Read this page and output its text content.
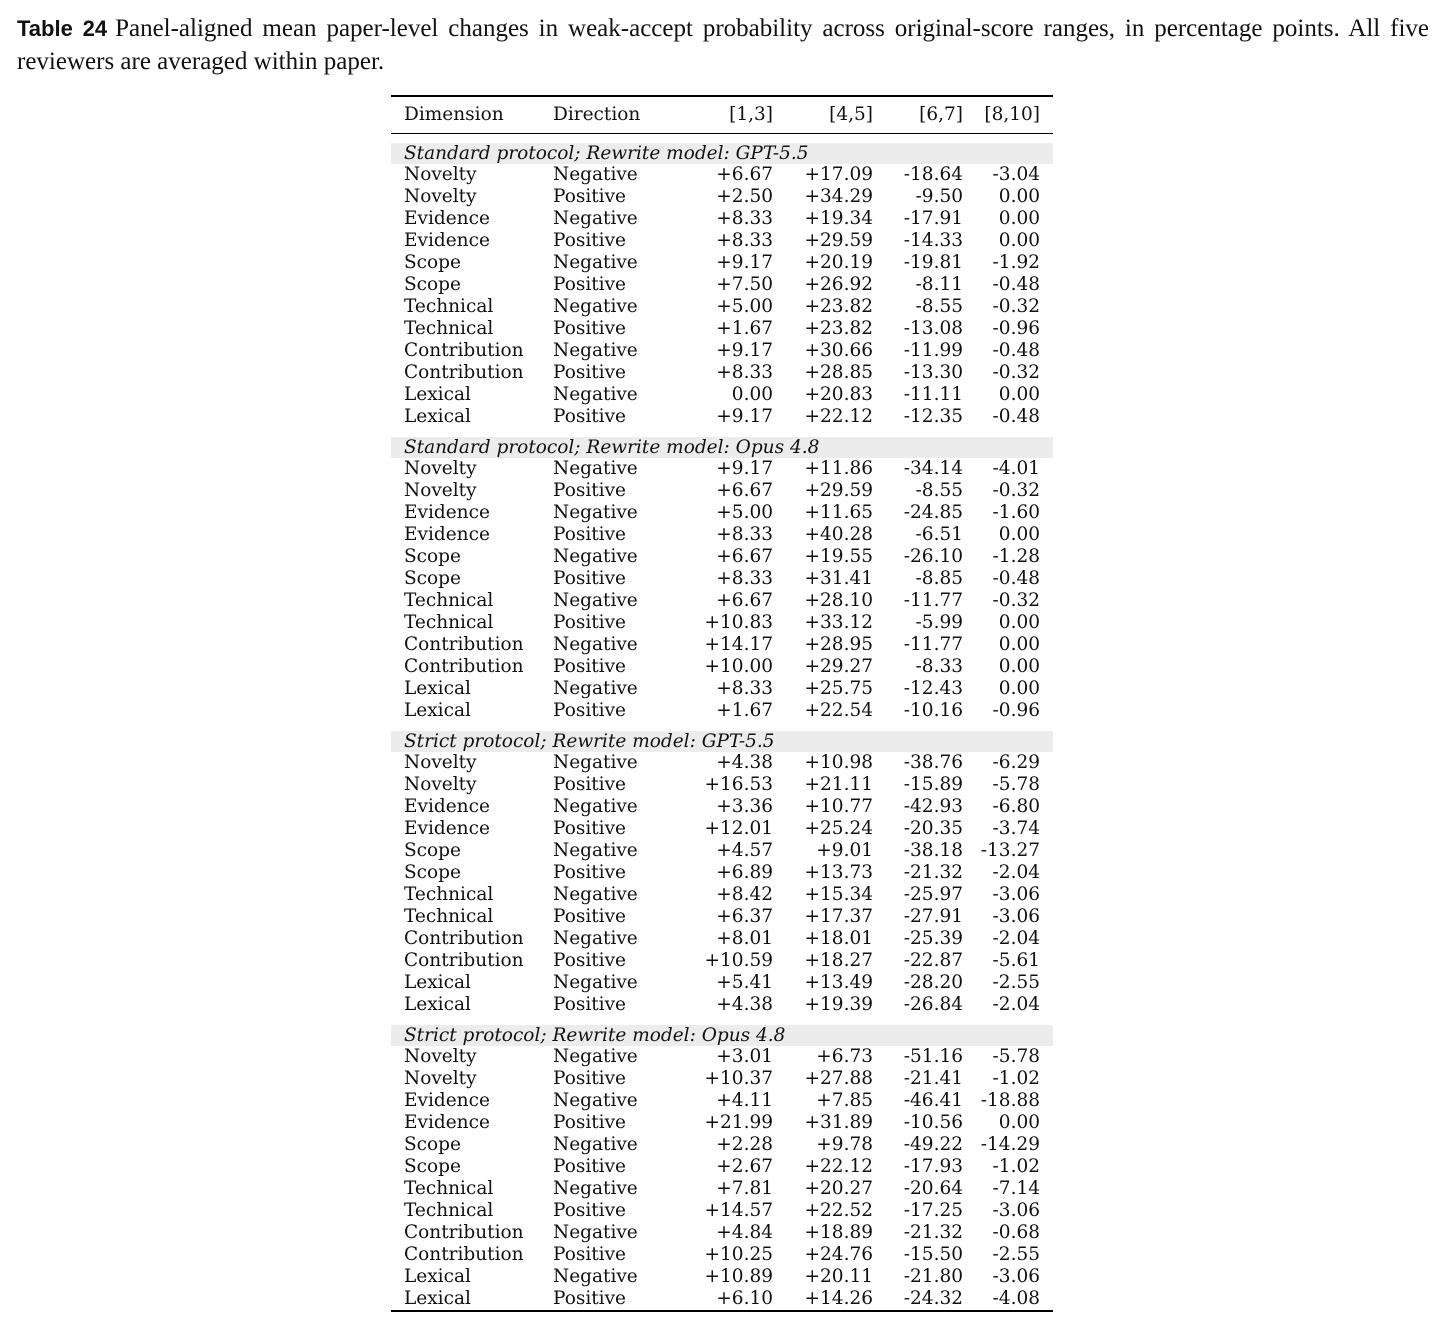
Table 24 Panel-aligned mean paper-level changes in weak-accept probability across original-score ranges, in percentage points. All five reviewers are averaged within paper.
Dimension	Direction	[1,3]	[4,5]	[6,7]	[8,10]

Standard protocol; Rewrite model: GPT-5.5					
Novelty	Negative	+6.67	+17.09	-18.64	-3.04
Novelty	Positive	+2.50	+34.29	-9.50	0.00
Evidence	Negative	+8.33	+19.34	-17.91	0.00
Evidence	Positive	+8.33	+29.59	-14.33	0.00
Scope	Negative	+9.17	+20.19	-19.81	-1.92
Scope	Positive	+7.50	+26.92	-8.11	-0.48
Technical	Negative	+5.00	+23.82	-8.55	-0.32
Technical	Positive	+1.67	+23.82	-13.08	-0.96
Contribution	Negative	+9.17	+30.66	-11.99	-0.48
Contribution	Positive	+8.33	+28.85	-13.30	-0.32
Lexical	Negative	0.00	+20.83	-11.11	0.00
Lexical	Positive	+9.17	+22.12	-12.35	-0.48

Standard protocol; Rewrite model: Opus 4.8					
Novelty	Negative	+9.17	+11.86	-34.14	-4.01
Novelty	Positive	+6.67	+29.59	-8.55	-0.32
Evidence	Negative	+5.00	+11.65	-24.85	-1.60
Evidence	Positive	+8.33	+40.28	-6.51	0.00
Scope	Negative	+6.67	+19.55	-26.10	-1.28
Scope	Positive	+8.33	+31.41	-8.85	-0.48
Technical	Negative	+6.67	+28.10	-11.77	-0.32
Technical	Positive	+10.83	+33.12	-5.99	0.00
Contribution	Negative	+14.17	+28.95	-11.77	0.00
Contribution	Positive	+10.00	+29.27	-8.33	0.00
Lexical	Negative	+8.33	+25.75	-12.43	0.00
Lexical	Positive	+1.67	+22.54	-10.16	-0.96

Strict protocol; Rewrite model: GPT-5.5					
Novelty	Negative	+4.38	+10.98	-38.76	-6.29
Novelty	Positive	+16.53	+21.11	-15.89	-5.78
Evidence	Negative	+3.36	+10.77	-42.93	-6.80
Evidence	Positive	+12.01	+25.24	-20.35	-3.74
Scope	Negative	+4.57	+9.01	-38.18	-13.27
Scope	Positive	+6.89	+13.73	-21.32	-2.04
Technical	Negative	+8.42	+15.34	-25.97	-3.06
Technical	Positive	+6.37	+17.37	-27.91	-3.06
Contribution	Negative	+8.01	+18.01	-25.39	-2.04
Contribution	Positive	+10.59	+18.27	-22.87	-5.61
Lexical	Negative	+5.41	+13.49	-28.20	-2.55
Lexical	Positive	+4.38	+19.39	-26.84	-2.04

Strict protocol; Rewrite model: Opus 4.8					
Novelty	Negative	+3.01	+6.73	-51.16	-5.78
Novelty	Positive	+10.37	+27.88	-21.41	-1.02
Evidence	Negative	+4.11	+7.85	-46.41	-18.88
Evidence	Positive	+21.99	+31.89	-10.56	0.00
Scope	Negative	+2.28	+9.78	-49.22	-14.29
Scope	Positive	+2.67	+22.12	-17.93	-1.02
Technical	Negative	+7.81	+20.27	-20.64	-7.14
Technical	Positive	+14.57	+22.52	-17.25	-3.06
Contribution	Negative	+4.84	+18.89	-21.32	-0.68
Contribution	Positive	+10.25	+24.76	-15.50	-2.55
Lexical	Negative	+10.89	+20.11	-21.80	-3.06
Lexical	Positive	+6.10	+14.26	-24.32	-4.08
